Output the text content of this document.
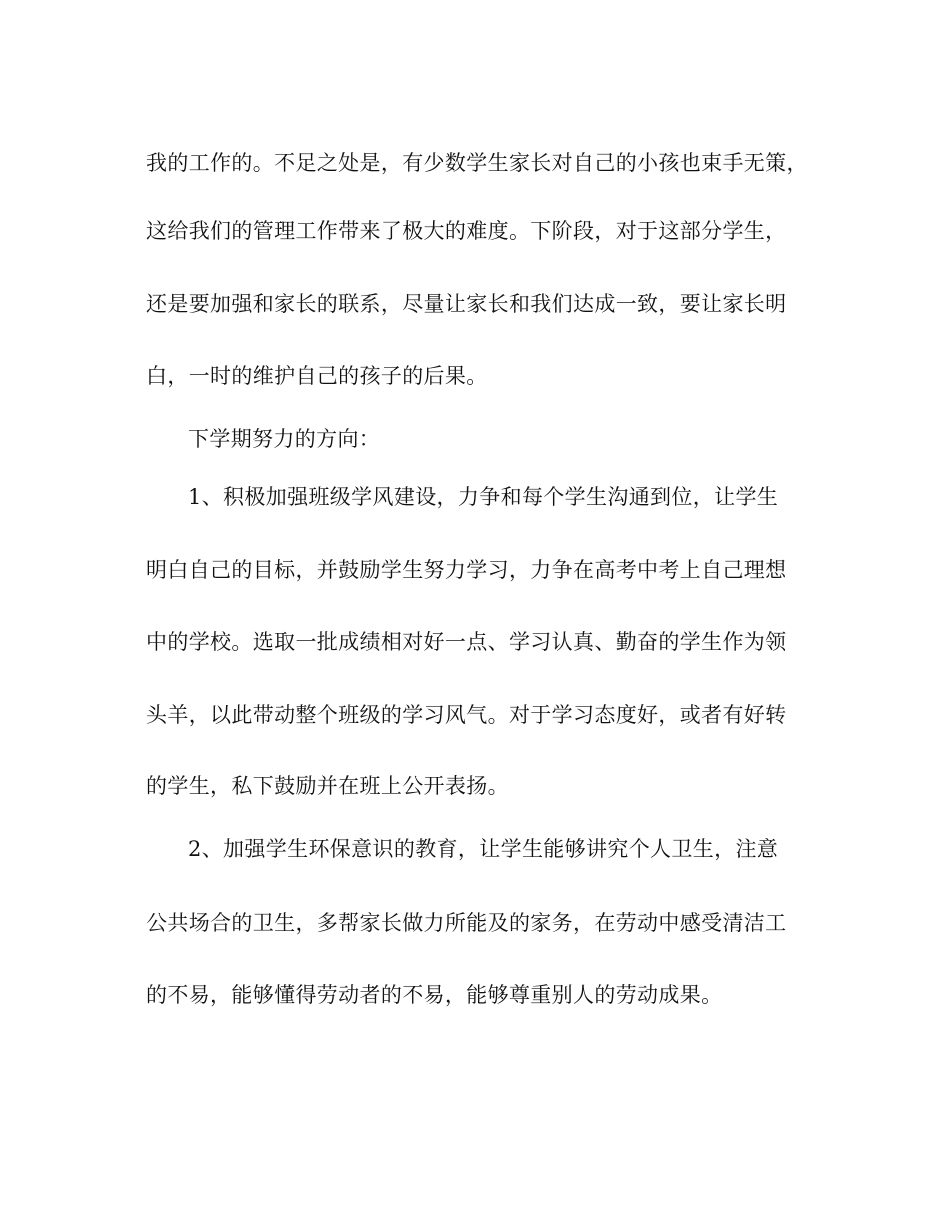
我的工作的。不足之处是，有少数学生家长对自己的小孩也束手无策，
这给我们的管理工作带来了极大的难度。下阶段，对于这部分学生，
还是要加强和家长的联系，尽量让家长和我们达成一致，要让家长明
白，一时的维护自己的孩子的后果。
下学期努力的方向：
1、积极加强班级学风建设，力争和每个学生沟通到位，让学生
明白自己的目标，并鼓励学生努力学习，力争在高考中考上自己理想
中的学校。选取一批成绩相对好一点、学习认真、勤奋的学生作为领
头羊，以此带动整个班级的学习风气。对于学习态度好，或者有好转
的学生，私下鼓励并在班上公开表扬。
2、加强学生环保意识的教育，让学生能够讲究个人卫生，注意
公共场合的卫生，多帮家长做力所能及的家务，在劳动中感受清洁工
的不易，能够懂得劳动者的不易，能够尊重别人的劳动成果。
